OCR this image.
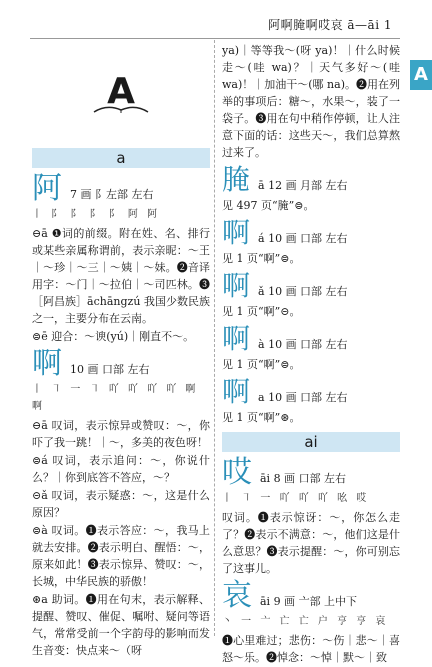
阿啊腌啊哎哀 ā—āi 1
A
A
a
阿 7 画 阝左部 左右
丨 阝 阝 阝 阝 阿 阿

⊖ā ❶词的前缀。附在姓、名、排行或某些亲属称谓前，表示亲昵：～王｜～珍｜～三｜～姨｜～妹。❷音译用字：～门｜～拉伯｜～司匹林。❸［阿昌族］āchāngzú 我国少数民族之一，主要分布在云南。

⊜ē 迎合：～谀(yú)｜刚直不～。

啊 10 画 口部 左右
丨 ㇕ 一 ㇕ 吖 吖 吖 吖 啊 啊

⊖ā 叹词，表示惊异或赞叹：～，你吓了我一跳！｜～，多美的夜色呀！

⊜á 叹词，表示追问：～，你说什么？｜你到底答不答应，～？

⊝ǎ 叹词，表示疑惑：～，这是什么原因？

⊜à 叹词。❶表示答应：～，我马上就去安排。❷表示明白、醒悟：～，原来如此！❸表示惊异、赞叹：～，长城，中华民族的骄傲！

⊛a 助词。❶用在句末，表示解释、提醒、赞叹、催促、嘱咐、疑问等语气，常常受前一个字韵母的影响而发生音变：快点来～（呀

ya)｜等等我～(呀 ya)！｜什么时候走～(哇 wa)？｜天气多好～(哇 wa)！｜加油干～(哪 na)。❷用在列举的事项后：糖～，水果～，装了一袋子。❸用在句中稍作停顿，让人注意下面的话：这些天～，我们总算熬过来了。

腌 ā 12 画 月部 左右

见 497 页“腌”⊜。

啊 á 10 画 口部 左右

见 1 页“啊”⊜。

啊 ǎ 10 画 口部 左右

见 1 页“啊”⊝。

啊 à 10 画 口部 左右

见 1 页“啊”⊜。

啊 a 10 画 口部 左右

见 1 页“啊”⊛。

ai
哎 āi 8 画 口部 左右
丨 ㇕ 一 吖 吖 吖 吆 哎

叹词。❶表示惊讶：～，你怎么走了？❷表示不满意：～，他们这是什么意思？❸表示提醒：～，你可别忘了这事儿。

哀 āi 9 画 亠部 上中下
丶 一 亠 亡 亡 户 亨 亨 哀

❶心里难过；悲伤：～伤｜悲～｜喜怒～乐。❷悼念：～悼｜默～｜致
